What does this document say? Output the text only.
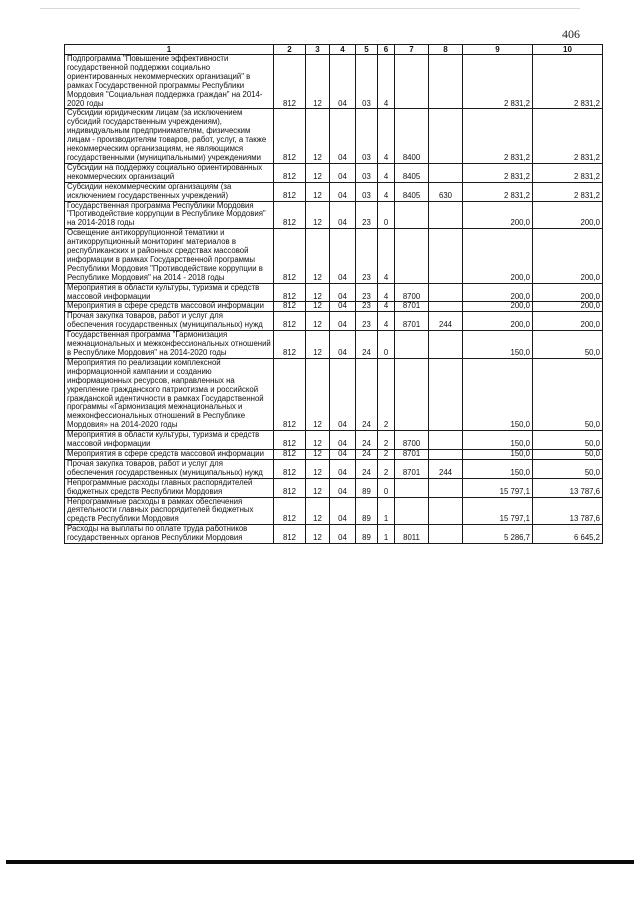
406
1	2	3	4	5	6	7	8	9	10
Подпрограмма "Повышение эффективности государственной поддержки социально ориентированных некоммерческих организаций" в рамках Государственной программы Республики Мордовия "Социальная поддержка граждан" на 2014-2020 годы	812	12	04	03	4			2 831,2	2 831,2
Субсидии юридическим лицам (за исключением субсидий государственным учреждениям), индивидуальным предпринимателям, физическим лицам - производителям товаров, работ, услуг, а также некоммерческим организациям, не являющимся государственными (муниципальными) учреждениями	812	12	04	03	4	8400		2 831,2	2 831,2
Субсидии на поддержку социально ориентированных некоммерческих организаций	812	12	04	03	4	8405		2 831,2	2 831,2
Субсидии некоммерческим организациям (за исключением государственных учреждений)	812	12	04	03	4	8405	630	2 831,2	2 831,2
Государственная программа Республики Мордовия "Противодействие коррупции в Республике Мордовия" на 2014-2018 годы	812	12	04	23	0			200,0	200,0
Освещение антикоррупционной тематики и антикоррупционный мониторинг материалов в республиканских и районных средствах массовой информации в рамках Государственной программы Республики Мордовия "Противодействие коррупции в Республике Мордовия" на 2014 - 2018 годы	812	12	04	23	4			200,0	200,0
Мероприятия в области культуры, туризма и средств массовой информации	812	12	04	23	4	8700		200,0	200,0
Мероприятия в сфере средств массовой информации	812	12	04	23	4	8701		200,0	200,0
Прочая закупка товаров, работ и услуг для обеспечения государственных (муниципальных) нужд	812	12	04	23	4	8701	244	200,0	200,0
Государственная программа "Гармонизация межнациональных и межконфессиональных отношений в Республике Мордовия" на 2014-2020 годы	812	12	04	24	0			150,0	50,0
Мероприятия по реализации комплексной информационной кампании и созданию информационных ресурсов, направленных на укрепление гражданского патриотизма и российской гражданской идентичности в рамках Государственной программы «Гармонизация межнациональных и межконфессиональных отношений в Республике Мордовия» на 2014-2020 годы	812	12	04	24	2			150,0	50,0
Мероприятия в области культуры, туризма и средств массовой информации	812	12	04	24	2	8700		150,0	50,0
Мероприятия в сфере средств массовой информации	812	12	04	24	2	8701		150,0	50,0
Прочая закупка товаров, работ и услуг для обеспечения государственных (муниципальных) нужд	812	12	04	24	2	8701	244	150,0	50,0
Непрограммные расходы главных распорядителей бюджетных средств Республики Мордовия	812	12	04	89	0			15 797,1	13 787,6
Непрограммные расходы в рамках обеспечения деятельности главных распорядителей бюджетных средств Республики Мордовия	812	12	04	89	1			15 797,1	13 787,6
Расходы на выплаты по оплате труда работников государственных органов Республики Мордовия	812	12	04	89	1	8011		5 286,7	6 645,2
